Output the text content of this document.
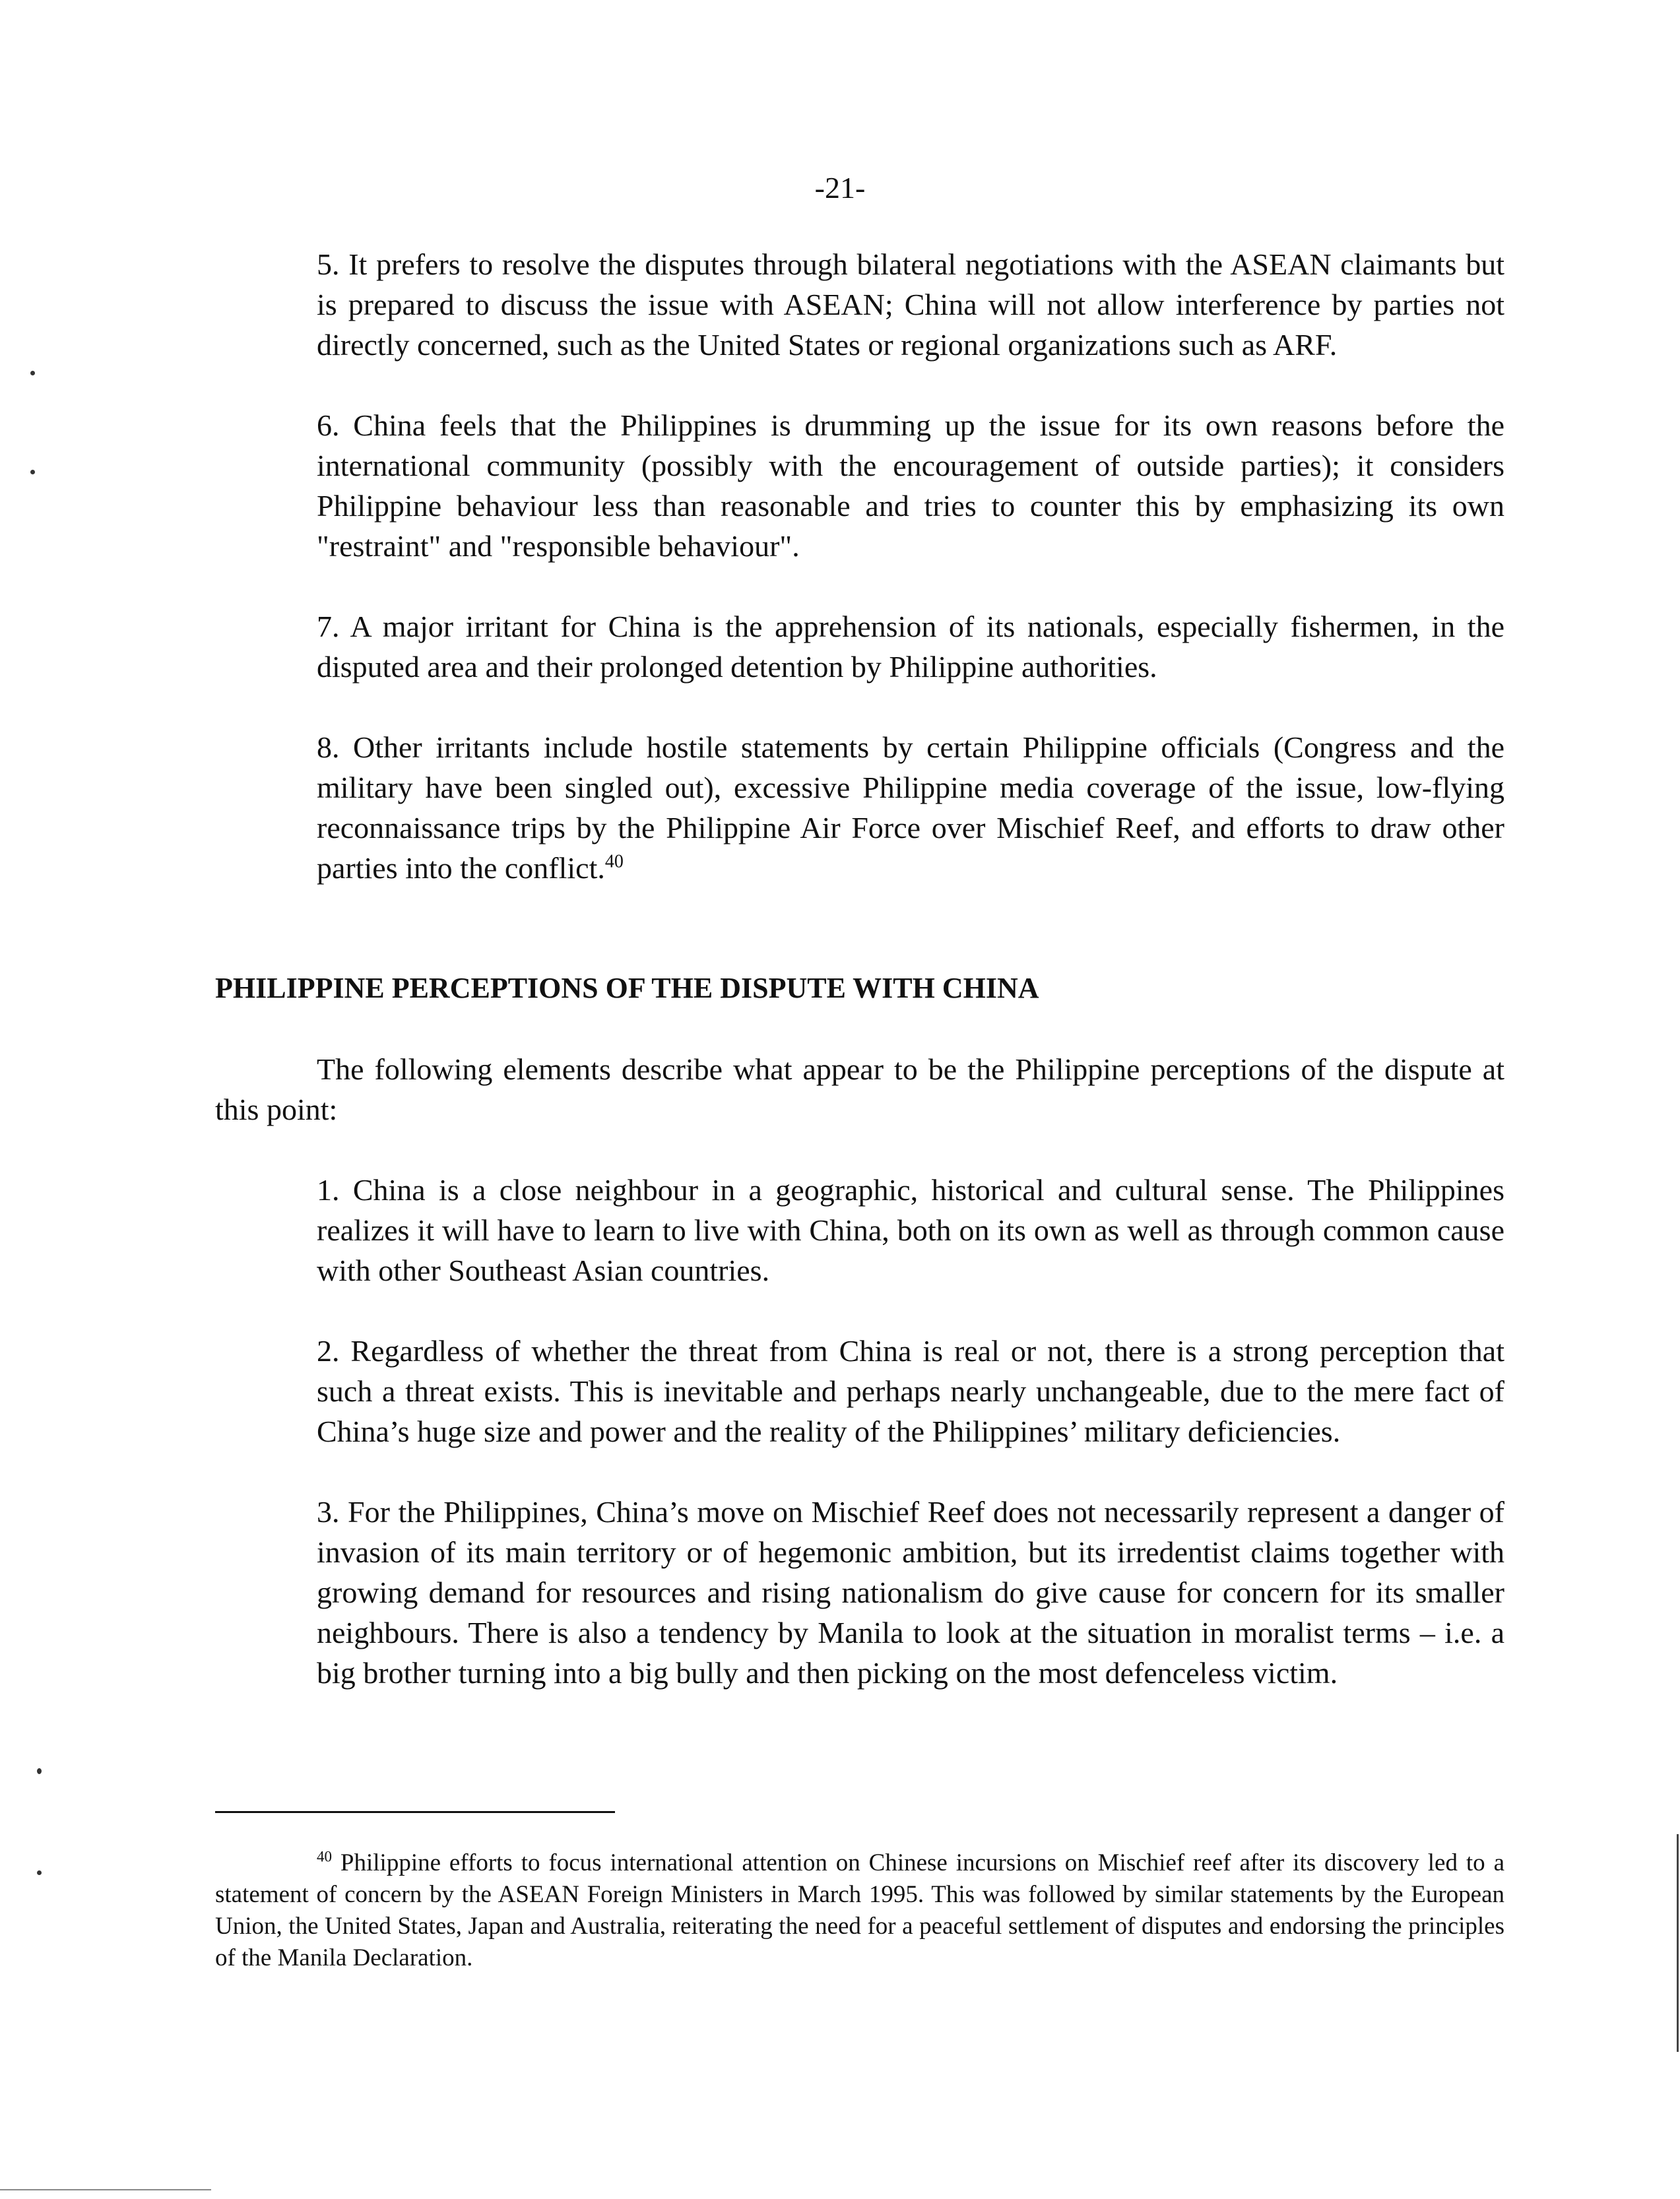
-21-

5. It prefers to resolve the disputes through bilateral negotiations with the ASEAN claimants but is prepared to discuss the issue with ASEAN; China will not allow interference by parties not directly concerned, such as the United States or regional organizations such as ARF.

6. China feels that the Philippines is drumming up the issue for its own reasons before the international community (possibly with the encouragement of outside parties); it considers Philippine behaviour less than reasonable and tries to counter this by emphasizing its own "restraint" and "responsible behaviour".

7. A major irritant for China is the apprehension of its nationals, especially fishermen, in the disputed area and their prolonged detention by Philippine authorities.

8. Other irritants include hostile statements by certain Philippine officials (Congress and the military have been singled out), excessive Philippine media coverage of the issue, low-flying reconnaissance trips by the Philippine Air Force over Mischief Reef, and efforts to draw other parties into the conflict.$^{40}$

PHILIPPINE PERCEPTIONS OF THE DISPUTE WITH CHINA

The following elements describe what appear to be the Philippine perceptions of the dispute at this point:

1. China is a close neighbour in a geographic, historical and cultural sense. The Philippines realizes it will have to learn to live with China, both on its own as well as through common cause with other Southeast Asian countries.

2. Regardless of whether the threat from China is real or not, there is a strong perception that such a threat exists. This is inevitable and perhaps nearly unchangeable, due to the mere fact of China’s huge size and power and the reality of the Philippines’ military deficiencies.

3. For the Philippines, China’s move on Mischief Reef does not necessarily represent a danger of invasion of its main territory or of hegemonic ambition, but its irredentist claims together with growing demand for resources and rising nationalism do give cause for concern for its smaller neighbours. There is also a tendency by Manila to look at the situation in moralist terms – i.e. a big brother turning into a big bully and then picking on the most defenceless victim.

$^{40}$ Philippine efforts to focus international attention on Chinese incursions on Mischief reef after its discovery led to a statement of concern by the ASEAN Foreign Ministers in March 1995. This was followed by similar statements by the European Union, the United States, Japan and Australia, reiterating the need for a peaceful settlement of disputes and endorsing the principles of the Manila Declaration.
